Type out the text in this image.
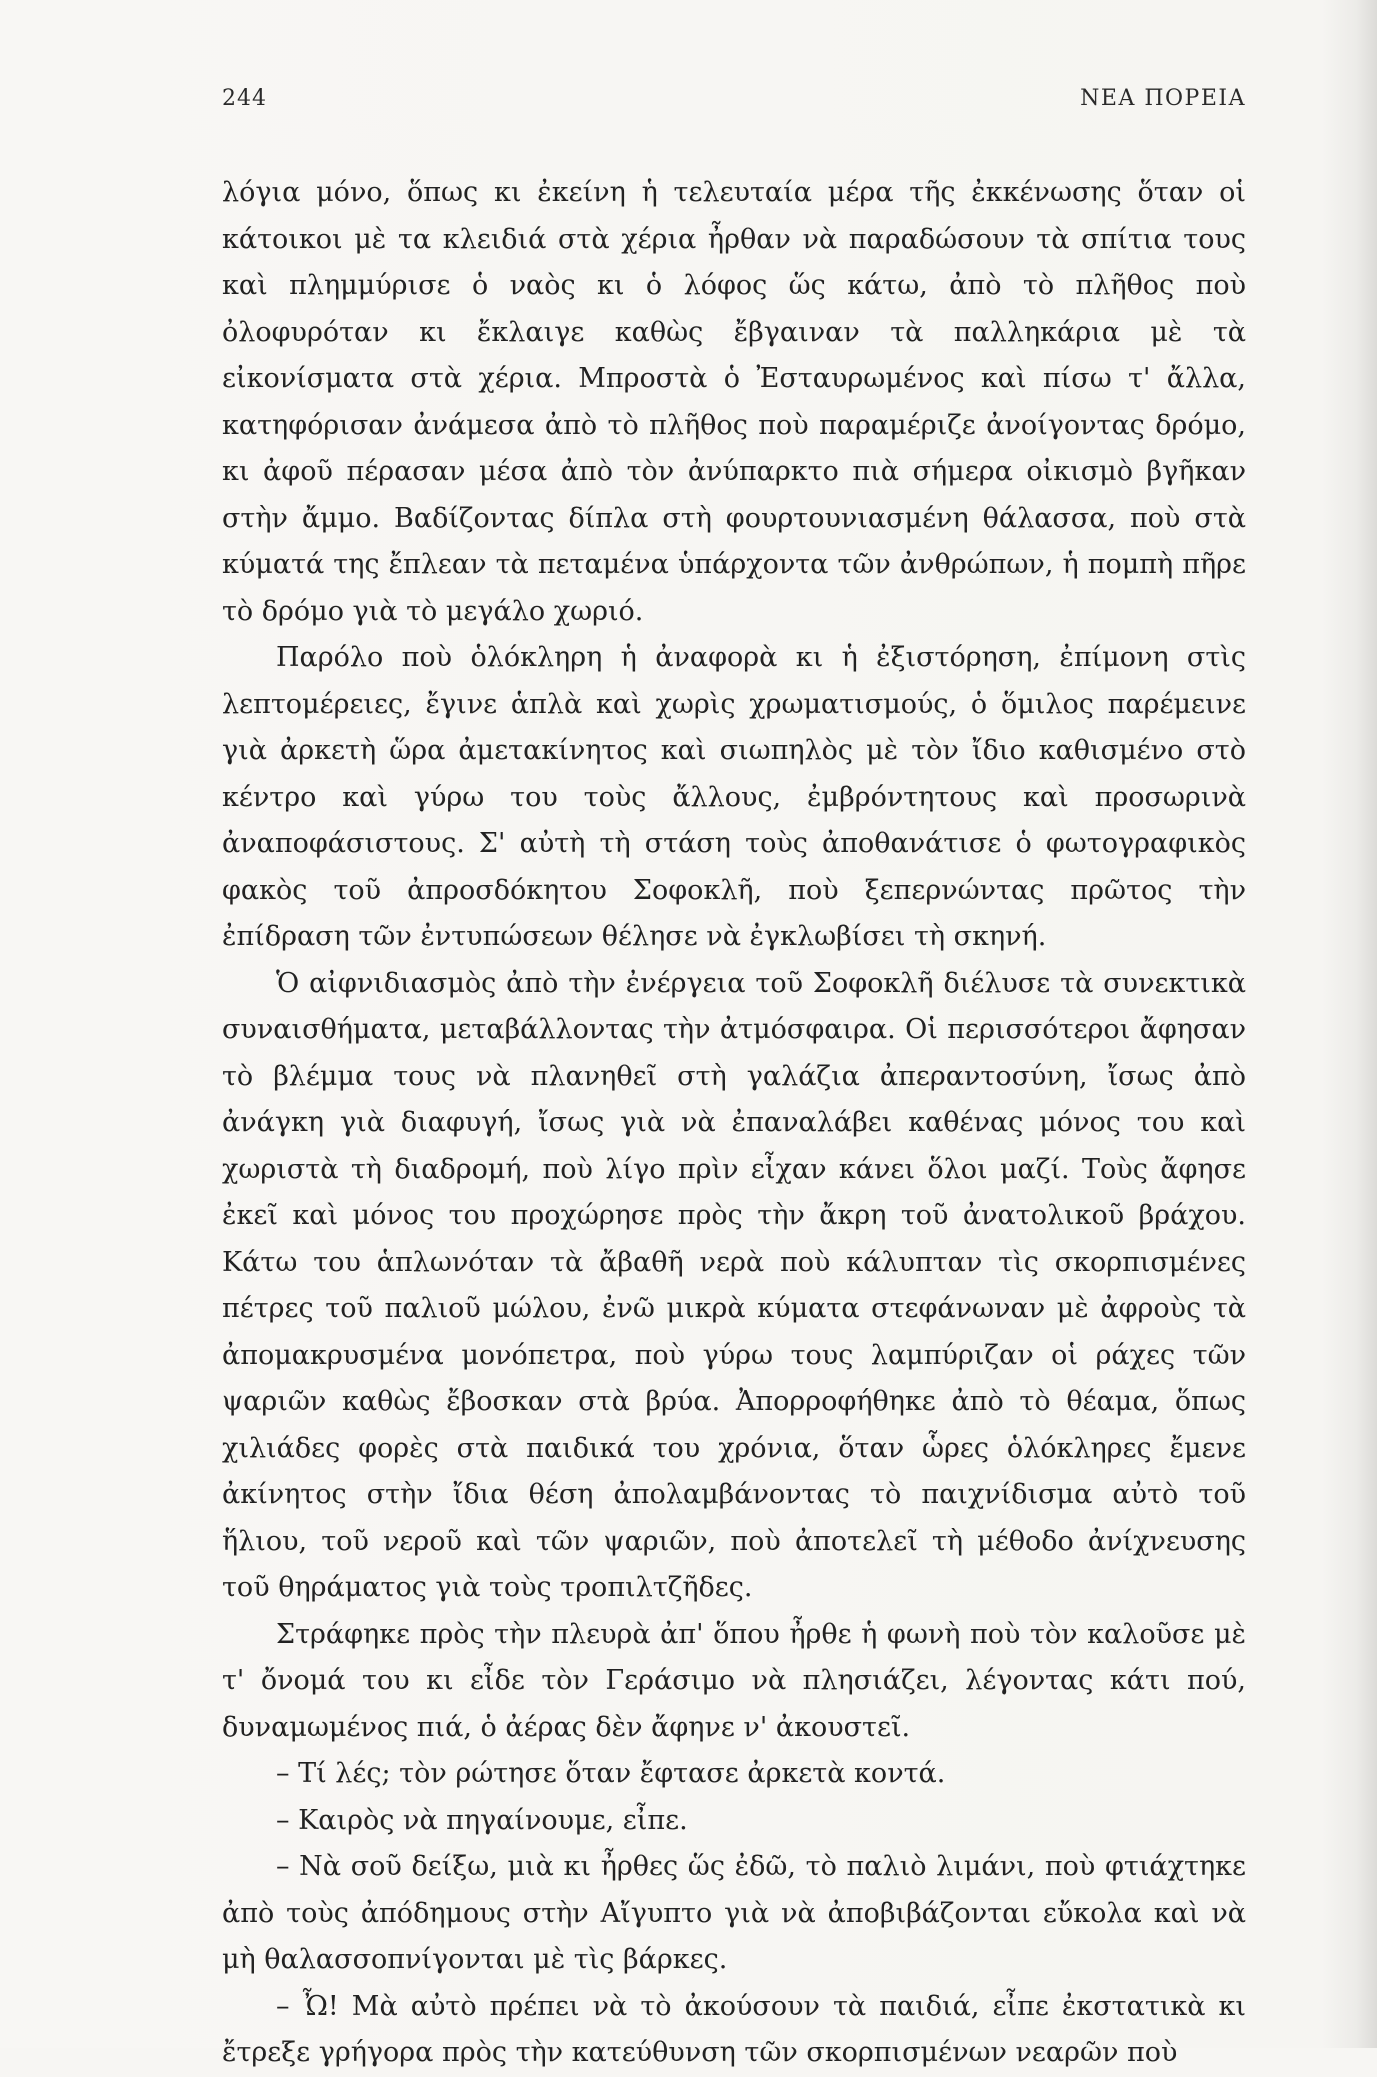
244	ΝΕΑ ΠΟΡΕΙΑ

λόγια μόνο, ὅπως κι ἐκείνη ἡ τελευταία μέρα τῆς ἐκκένωσης ὅταν οἱ κάτοικοι μὲ τα κλειδιά στὰ χέρια ἦρθαν νὰ παραδώσουν τὰ σπίτια τους καὶ πλημμύρισε ὁ ναὸς κι ὁ λόφος ὥς κάτω, ἀπὸ τὸ πλῆθος ποὺ ὀλοφυρόταν κι ἔκλαιγε καθὼς ἔβγαιναν τὰ παλληκάρια μὲ τὰ εἰκονίσματα στὰ χέρια. Μπροστὰ ὁ Ἐσταυρωμένος καὶ πίσω τ' ἄλλα, κατηφόρισαν ἀνάμεσα ἀπὸ τὸ πλῆθος ποὺ παραμέριζε ἀνοίγοντας δρόμο, κι ἀφοῦ πέρασαν μέσα ἀπὸ τὸν ἀνύπαρκτο πιὰ σήμερα οἰκισμὸ βγῆκαν στὴν ἄμμο. Βαδίζοντας δίπλα στὴ φουρτουνιασμένη θάλασσα, ποὺ στὰ κύματά της ἔπλεαν τὰ πεταμένα ὑπάρχοντα τῶν ἀνθρώπων, ἡ πομπὴ πῆρε τὸ δρόμο γιὰ τὸ μεγάλο χωριό.

Παρόλο ποὺ ὁλόκληρη ἡ ἀναφορὰ κι ἡ ἐξιστόρηση, ἐπίμονη στὶς λεπτομέρειες, ἔγινε ἁπλὰ καὶ χωρὶς χρωματισμούς, ὁ ὅμιλος παρέμεινε γιὰ ἀρκετὴ ὥρα ἀμετακίνητος καὶ σιωπηλὸς μὲ τὸν ἴδιο καθισμένο στὸ κέντρο καὶ γύρω του τοὺς ἄλλους, ἐμβρόντητους καὶ προσωρινὰ ἀναποφάσιστους. Σ' αὐτὴ τὴ στάση τοὺς ἀποθανάτισε ὁ φωτογραφικὸς φακὸς τοῦ ἀπροσδόκητου Σοφοκλῆ, ποὺ ξεπερνώντας πρῶτος τὴν ἐπίδραση τῶν ἐντυπώσεων θέλησε νὰ ἐγκλωβίσει τὴ σκηνή.

Ὁ αἰφνιδιασμὸς ἀπὸ τὴν ἐνέργεια τοῦ Σοφοκλῆ διέλυσε τὰ συνεκτικὰ συναισθήματα, μεταβάλλοντας τὴν ἀτμόσφαιρα. Οἱ περισσότεροι ἄφησαν τὸ βλέμμα τους νὰ πλανηθεῖ στὴ γαλάζια ἀπεραντοσύνη, ἴσως ἀπὸ ἀνάγκη γιὰ διαφυγή, ἴσως γιὰ νὰ ἐπαναλάβει καθένας μόνος του καὶ χωριστὰ τὴ διαδρομή, ποὺ λίγο πρὶν εἶχαν κάνει ὅλοι μαζί. Τοὺς ἄφησε ἐκεῖ καὶ μόνος του προχώρησε πρὸς τὴν ἄκρη τοῦ ἀνατολικοῦ βράχου. Κάτω του ἁπλωνόταν τὰ ἄβαθῆ νερὰ ποὺ κάλυπταν τὶς σκορπισμένες πέτρες τοῦ παλιοῦ μώλου, ἐνῶ μικρὰ κύματα στεφάνωναν μὲ ἀφροὺς τὰ ἀπομακρυσμένα μονόπετρα, ποὺ γύρω τους λαμπύριζαν οἱ ράχες τῶν ψαριῶν καθὼς ἔβοσκαν στὰ βρύα. Ἀπορροφήθηκε ἀπὸ τὸ θέαμα, ὅπως χιλιάδες φορὲς στὰ παιδικά του χρόνια, ὅταν ὧρες ὁλόκληρες ἔμενε ἀκίνητος στὴν ἴδια θέση ἀπολαμβάνοντας τὸ παιχνίδισμα αὐτὸ τοῦ ἥλιου, τοῦ νεροῦ καὶ τῶν ψαριῶν, ποὺ ἀποτελεῖ τὴ μέθοδο ἀνίχνευσης τοῦ θηράματος γιὰ τοὺς τροπιλτζῆδες.

Στράφηκε πρὸς τὴν πλευρὰ ἀπ' ὅπου ἦρθε ἡ φωνὴ ποὺ τὸν καλοῦσε μὲ τ' ὄνομά του κι εἶδε τὸν Γεράσιμο νὰ πλησιάζει, λέγοντας κάτι πού, δυναμωμένος πιά, ὁ ἀέρας δὲν ἄφηνε ν' ἀκουστεῖ.

– Τί λές; τὸν ρώτησε ὅταν ἔφτασε ἀρκετὰ κοντά.

– Καιρὸς νὰ πηγαίνουμε, εἶπε.

– Νὰ σοῦ δείξω, μιὰ κι ἦρθες ὥς ἐδῶ, τὸ παλιὸ λιμάνι, ποὺ φτιάχτηκε ἀπὸ τοὺς ἀπόδημους στὴν Αἴγυπτο γιὰ νὰ ἀποβιβάζονται εὔκολα καὶ νὰ μὴ θαλασσοπνίγονται μὲ τὶς βάρκες.

– Ὦ! Μὰ αὐτὸ πρέπει νὰ τὸ ἀκούσουν τὰ παιδιά, εἶπε ἐκστατικὰ κι ἔτρεξε γρήγορα πρὸς τὴν κατεύθυνση τῶν σκορπισμένων νεαρῶν ποὺ
